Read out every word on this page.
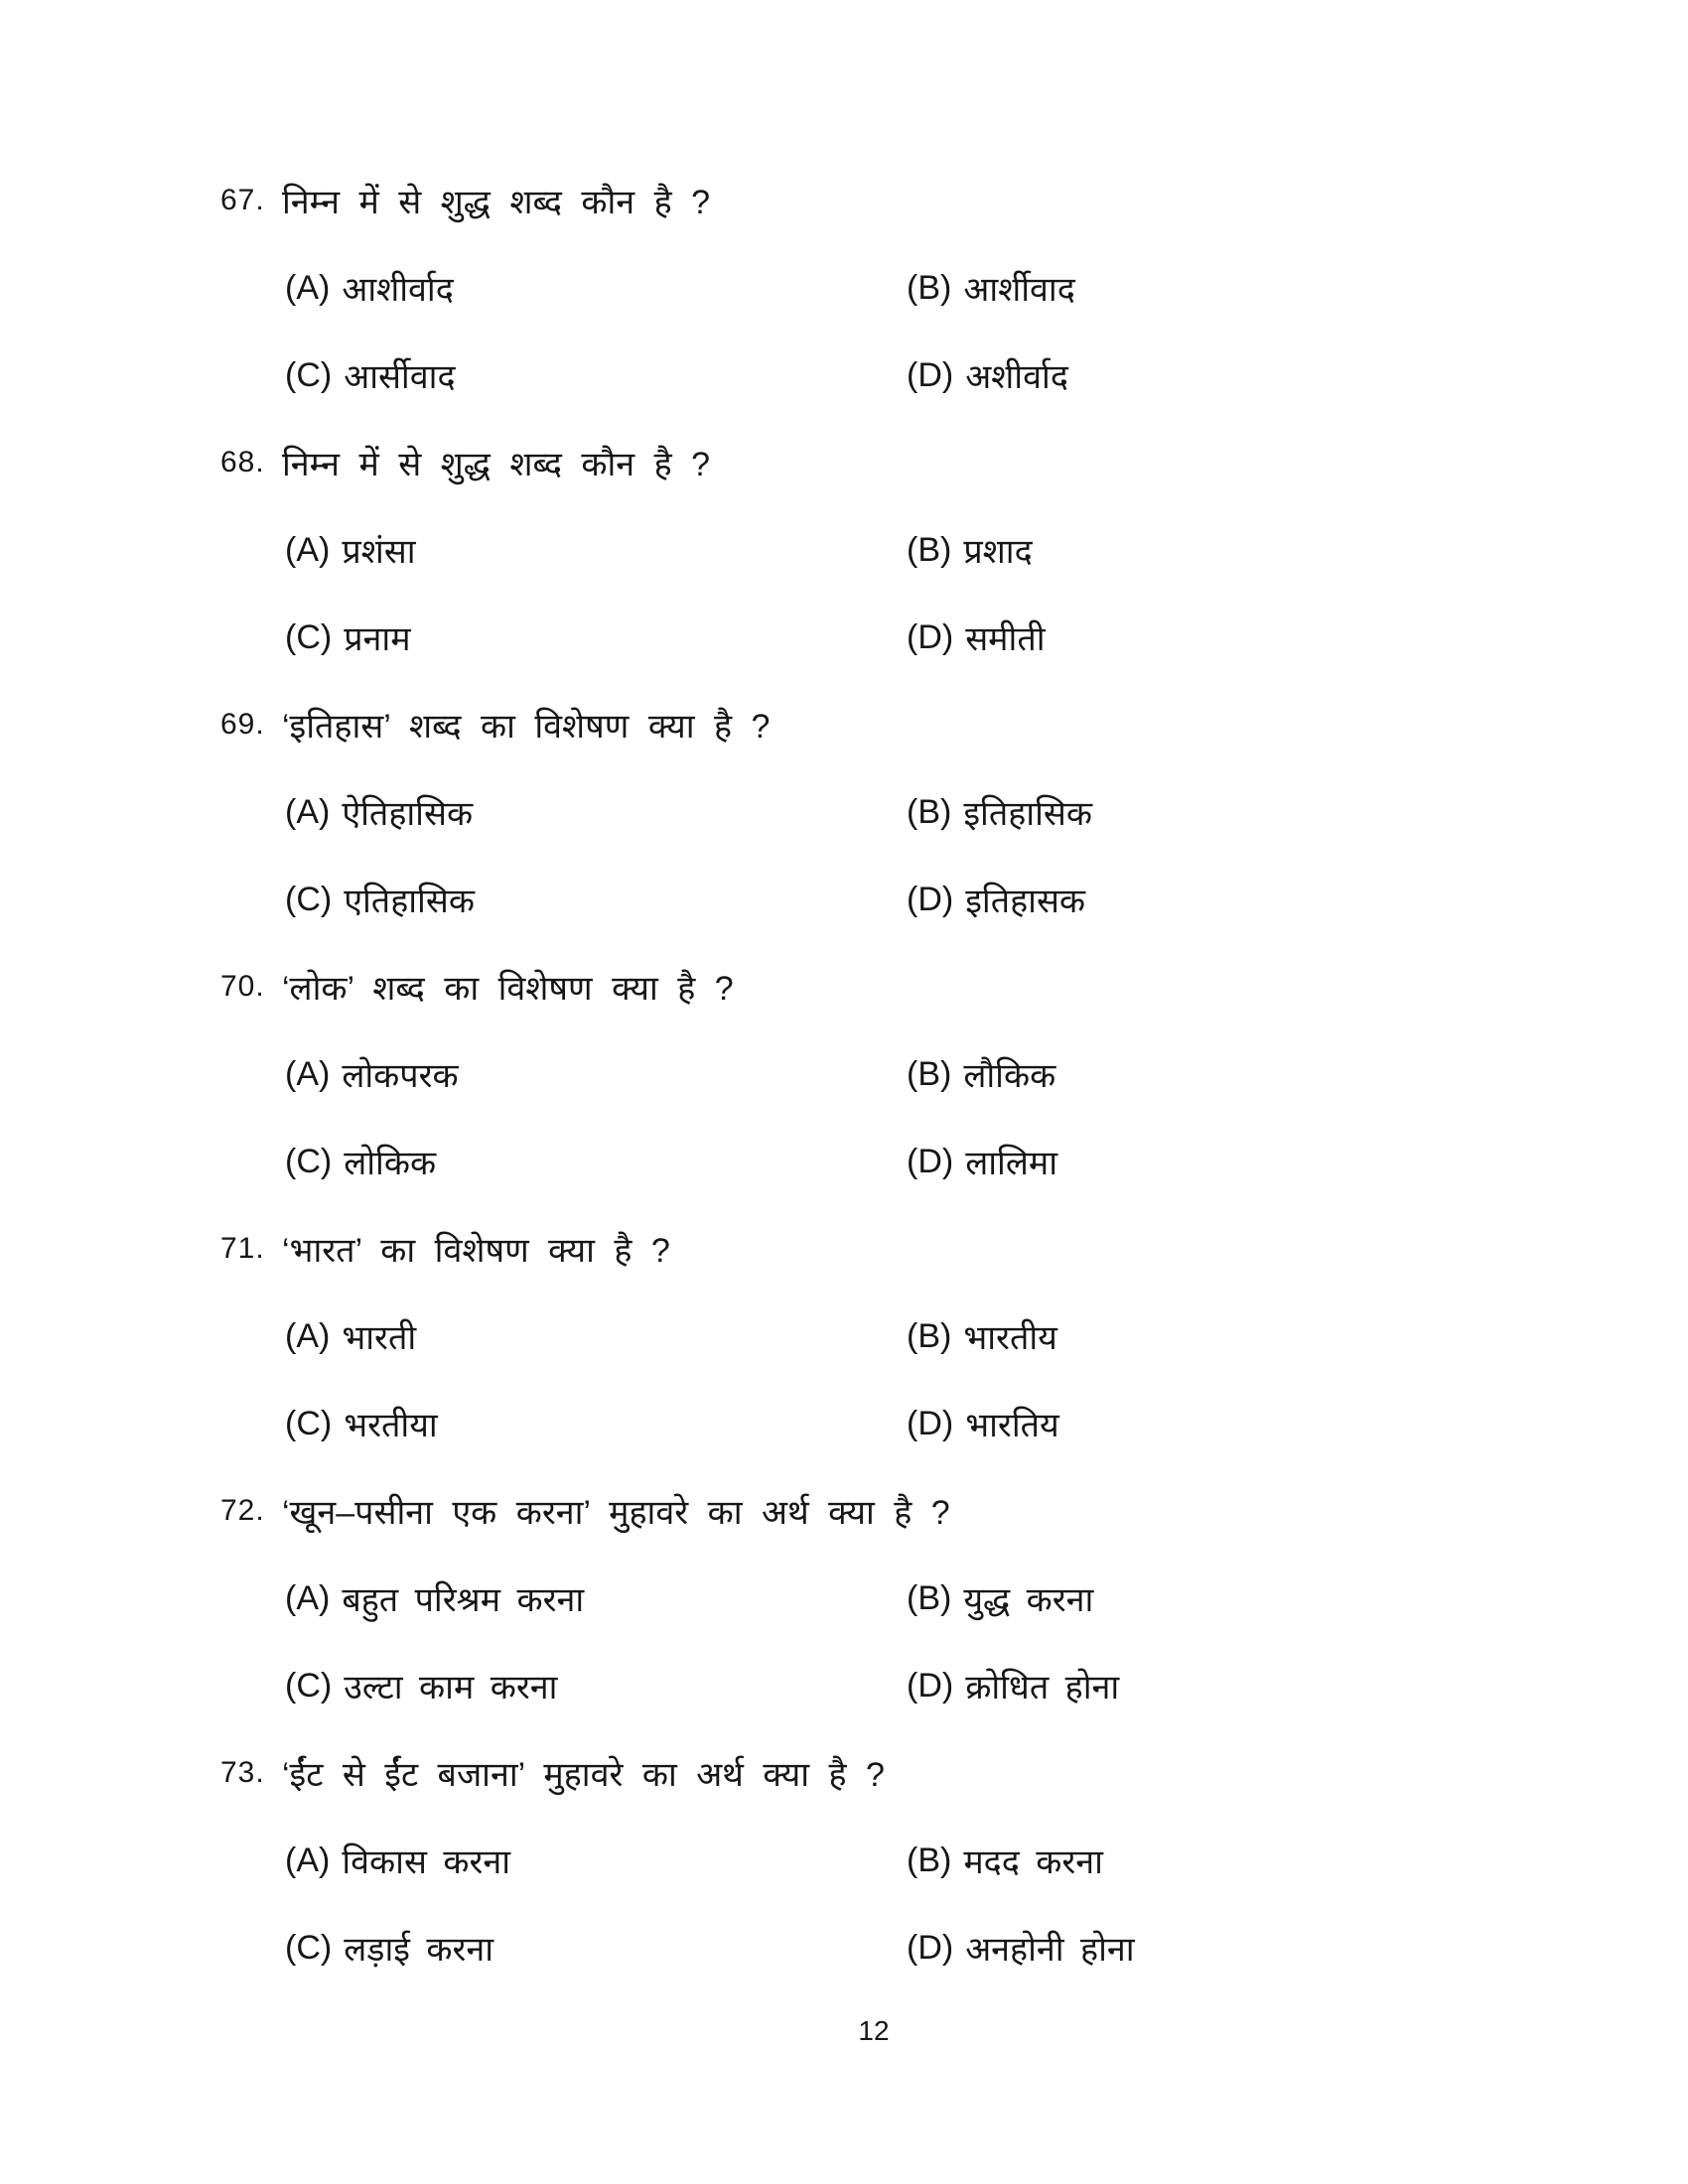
67. निम्न में से शुद्ध शब्द कौन है ?
(A) आशीर्वाद	(B) आर्शीवाद
(C) आर्सीवाद	(D) अशीर्वाद
68. निम्न में से शुद्ध शब्द कौन है ?
(A) प्रशंसा	(B) प्रशाद
(C) प्रनाम	(D) समीती
69. ‘इतिहास’ शब्द का विशेषण क्या है ?
(A) ऐतिहासिक	(B) इतिहासिक
(C) एतिहासिक	(D) इतिहासक
70. ‘लोक’ शब्द का विशेषण क्या है ?
(A) लोकपरक	(B) लौकिक
(C) लोकिक	(D) लालिमा
71. ‘भारत’ का विशेषण क्या है ?
(A) भारती	(B) भारतीय
(C) भरतीया	(D) भारतिय
72. ‘खून–पसीना एक करना’ मुहावरे का अर्थ क्या है ?
(A) बहुत परिश्रम करना	(B) युद्ध करना
(C) उल्टा काम करना	(D) क्रोधित होना
73. ‘ईंट से ईंट बजाना’ मुहावरे का अर्थ क्या है ?
(A) विकास करना	(B) मदद करना
(C) लड़ाई करना	(D) अनहोनी होना
12
